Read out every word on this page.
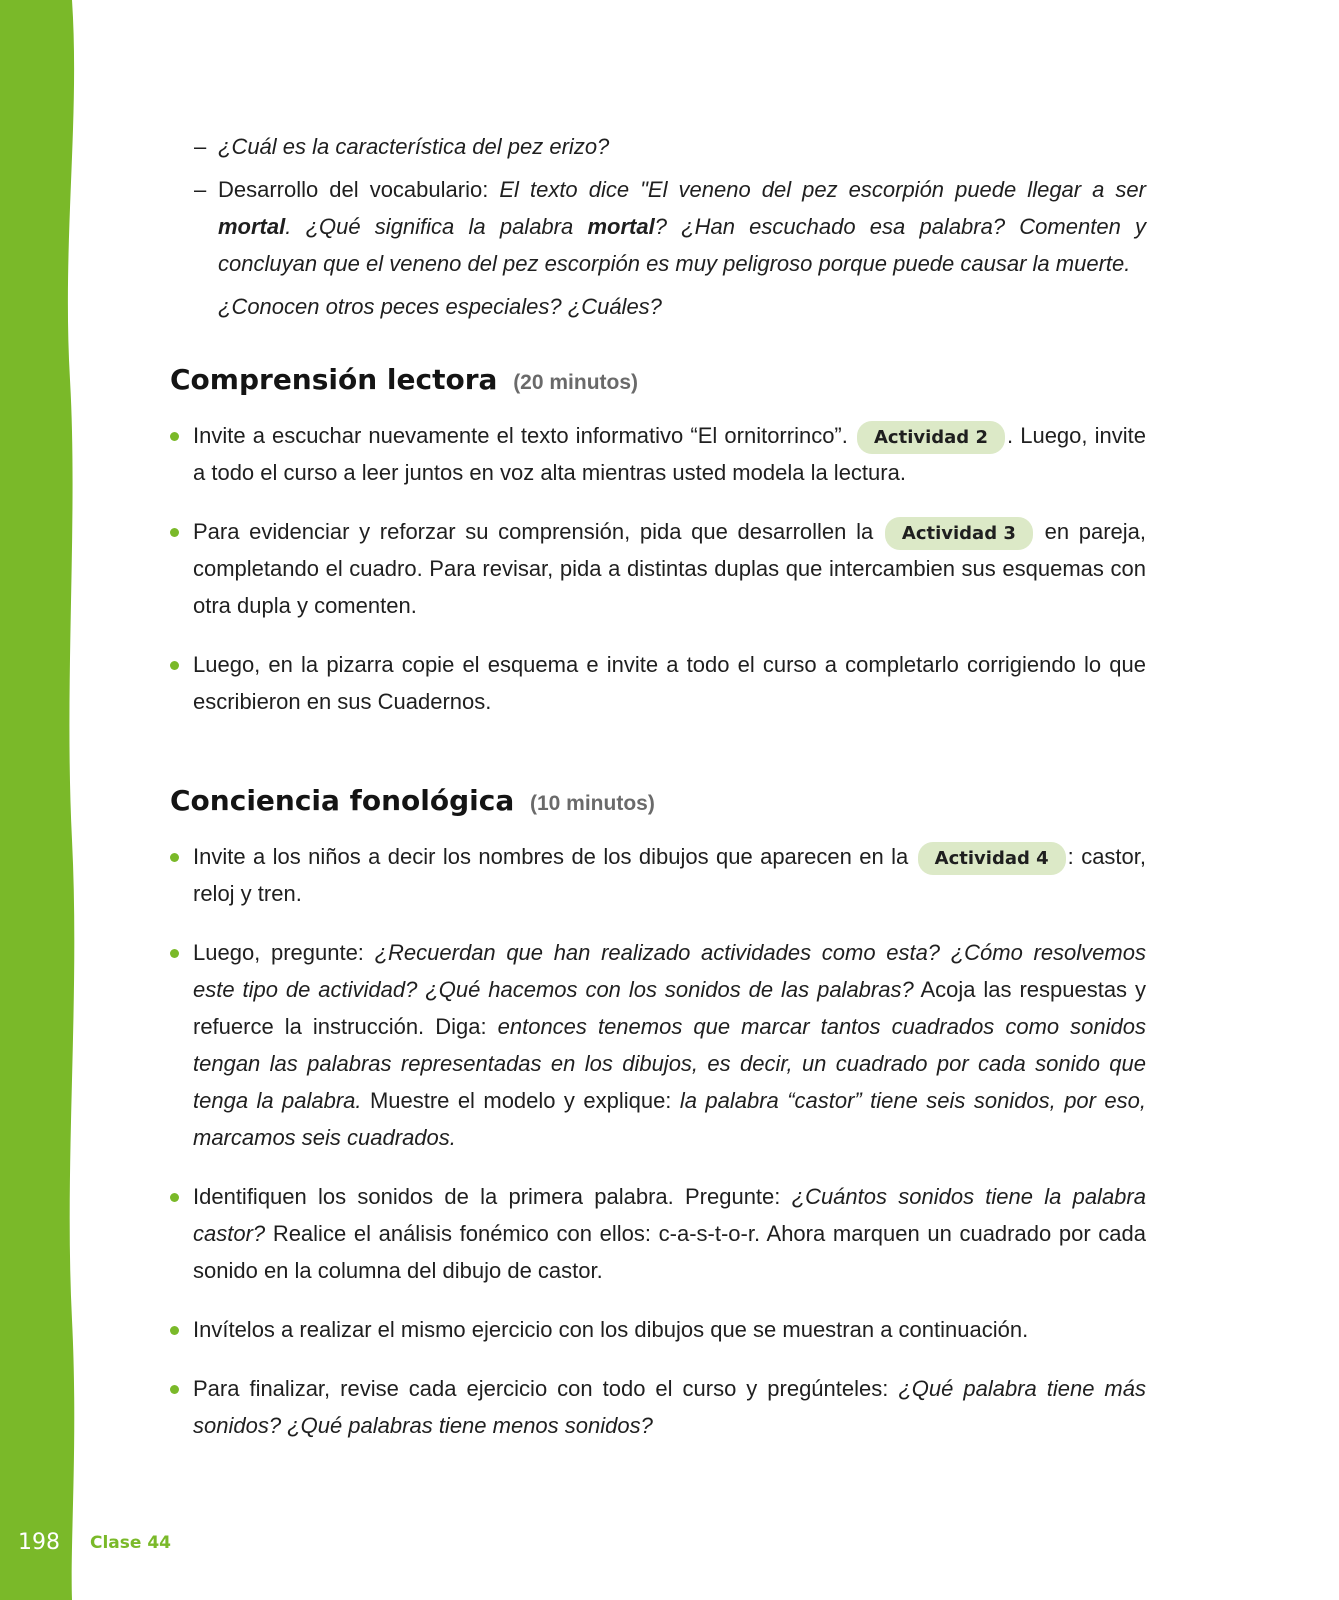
– ¿Cuál es la característica del pez erizo?
– Desarrollo del vocabulario: El texto dice "El veneno del pez escorpión puede llegar a ser mortal. ¿Qué significa la palabra mortal? ¿Han escuchado esa palabra? Comenten y concluyan que el veneno del pez escorpión es muy peligroso porque puede causar la muerte.
¿Conocen otros peces especiales? ¿Cuáles?
Comprensión lectora (20 minutos)
Invite a escuchar nuevamente el texto informativo “El ornitorrinco”. Actividad 2 . Luego, invite a todo el curso a leer juntos en voz alta mientras usted modela la lectura.
Para evidenciar y reforzar su comprensión, pida que desarrollen la Actividad 3 en pareja, completando el cuadro. Para revisar, pida a distintas duplas que intercambien sus esquemas con otra dupla y comenten.
Luego, en la pizarra copie el esquema e invite a todo el curso a completarlo corrigiendo lo que escribieron en sus Cuadernos.
Conciencia fonológica (10 minutos)
Invite a los niños a decir los nombres de los dibujos que aparecen en la Actividad 4 : castor, reloj y tren.
Luego, pregunte: ¿Recuerdan que han realizado actividades como esta? ¿Cómo resolvemos este tipo de actividad? ¿Qué hacemos con los sonidos de las palabras? Acoja las respuestas y refuerce la instrucción. Diga: entonces tenemos que marcar tantos cuadrados como sonidos tengan las palabras representadas en los dibujos, es decir, un cuadrado por cada sonido que tenga la palabra. Muestre el modelo y explique: la palabra “castor” tiene seis sonidos, por eso, marcamos seis cuadrados.
Identifiquen los sonidos de la primera palabra. Pregunte: ¿Cuántos sonidos tiene la palabra castor? Realice el análisis fonémico con ellos: c-a-s-t-o-r. Ahora marquen un cuadrado por cada sonido en la columna del dibujo de castor.
Invítelos a realizar el mismo ejercicio con los dibujos que se muestran a continuación.
Para finalizar, revise cada ejercicio con todo el curso y pregúnteles: ¿Qué palabra tiene más sonidos? ¿Qué palabras tiene menos sonidos?
198 Clase 44
